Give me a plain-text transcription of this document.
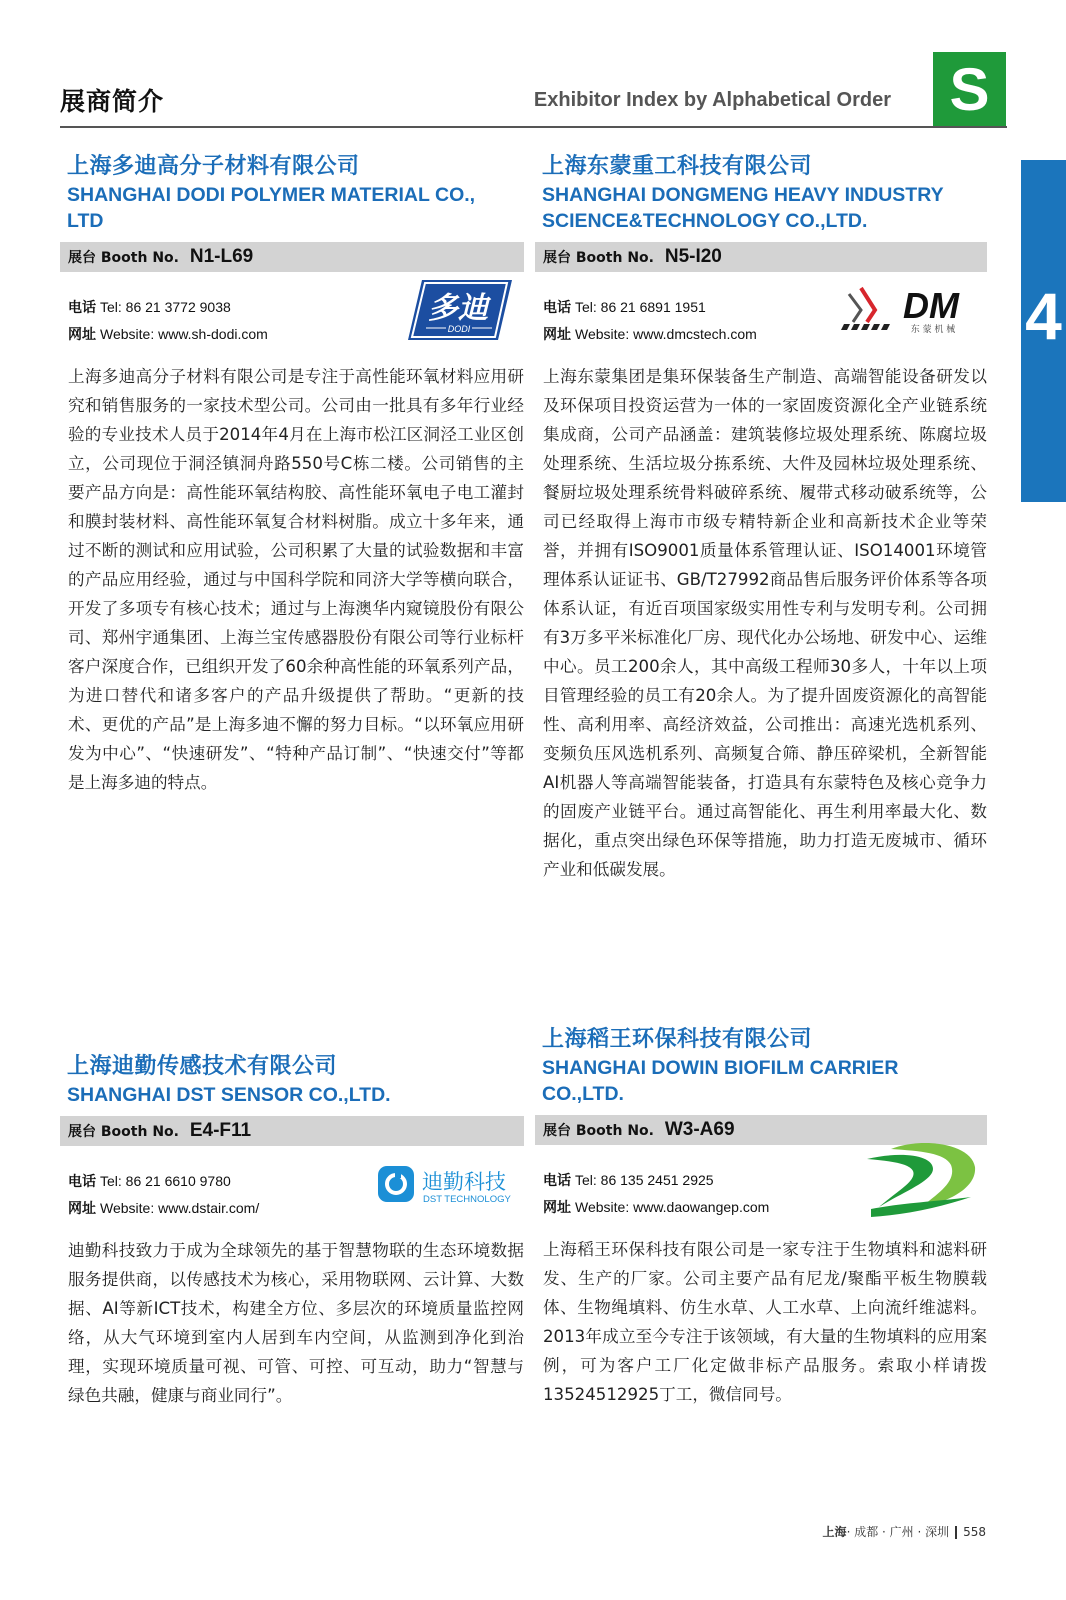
展商简介	Exhibitor Index by Alphabetical Order S
4
上海多迪高分子材料有限公司
SHANGHAI DODI POLYMER MATERIAL CO., LTD
展台 Booth No. N1-L69
电话 Tel: 86 21 3772 9038
网址 Website: www.sh-dodi.com
多迪
DODI
上海多迪高分子材料有限公司是专注于高性能环氧材料应用研究和销售服务的一家技术型公司。公司由一批具有多年行业经验的专业技术人员于2014年4月在上海市松江区洞泾工业区创立，公司现位于洞泾镇洞舟路550号C栋二楼。公司销售的主要产品方向是：高性能环氧结构胶、高性能环氧电子电工灌封和膜封装材料、高性能环氧复合材料树脂。成立十多年来，通过不断的测试和应用试验，公司积累了大量的试验数据和丰富的产品应用经验，通过与中国科学院和同济大学等横向联合，开发了多项专有核心技术；通过与上海澳华内窥镜股份有限公司、郑州宇通集团、上海兰宝传感器股份有限公司等行业标杆客户深度合作，已组织开发了60余种高性能的环氧系列产品，为进口替代和诸多客户的产品升级提供了帮助。“更新的技术、更优的产品”是上海多迪不懈的努力目标。“以环氧应用研发为中心”、“快速研发”、“特种产品订制”、“快速交付”等都是上海多迪的特点。
上海东蒙重工科技有限公司
SHANGHAI DONGMENG HEAVY INDUSTRY SCIENCE&TECHNOLOGY CO.,LTD.
展台 Booth No. N5-I20
电话 Tel: 86 21 6891 1951
网址 Website: www.dmcstech.com
DM
东 蒙 机 械
上海东蒙集团是集环保装备生产制造、高端智能设备研发以及环保项目投资运营为一体的一家固废资源化全产业链系统集成商，公司产品涵盖：建筑装修垃圾处理系统、陈腐垃圾处理系统、生活垃圾分拣系统、大件及园林垃圾处理系统、餐厨垃圾处理系统骨料破碎系统、履带式移动破系统等，公司已经取得上海市市级专精特新企业和高新技术企业等荣誉，并拥有ISO9001质量体系管理认证、ISO14001环境管理体系认证证书、GB/T27992商品售后服务评价体系等各项体系认证，有近百项国家级实用性专利与发明专利。公司拥有3万多平米标准化厂房、现代化办公场地、研发中心、运维中心。员工200余人，其中高级工程师30多人，十年以上项目管理经验的员工有20余人。为了提升固废资源化的高智能性、高利用率、高经济效益，公司推出：高速光选机系列、变频负压风选机系列、高频复合筛、静压碎梁机，全新智能AI机器人等高端智能装备，打造具有东蒙特色及核心竞争力的固废产业链平台。通过高智能化、再生利用率最大化、数据化，重点突出绿色环保等措施，助力打造无废城市、循环产业和低碳发展。
上海迪勤传感技术有限公司
SHANGHAI DST SENSOR CO.,LTD.
展台 Booth No. E4-F11
电话 Tel: 86 21 6610 9780
网址 Website: www.dstair.com/
迪勤科技
DST TECHNOLOGY
迪勤科技致力于成为全球领先的基于智慧物联的生态环境数据服务提供商，以传感技术为核心，采用物联网、云计算、大数据、AI等新ICT技术，构建全方位、多层次的环境质量监控网络，从大气环境到室内人居到车内空间，从监测到净化到治理，实现环境质量可视、可管、可控、可互动，助力“智慧与绿色共融，健康与商业同行”。
上海稻王环保科技有限公司
SHANGHAI DOWIN BIOFILM CARRIER CO.,LTD.
展台 Booth No. W3-A69
电话 Tel: 86 135 2451 2925
网址 Website: www.daowangep.com
上海稻王环保科技有限公司是一家专注于生物填料和滤料研发、生产的厂家。公司主要产品有尼龙/聚酯平板生物膜载体、生物绳填料、仿生水草、人工水草、上向流纤维滤料。2013年成立至今专注于该领域，有大量的生物填料的应用案例，可为客户工厂化定做非标产品服务。索取小样请拨13524512925丁工，微信同号。
上海· 成都 · 广州 · 深圳 558
